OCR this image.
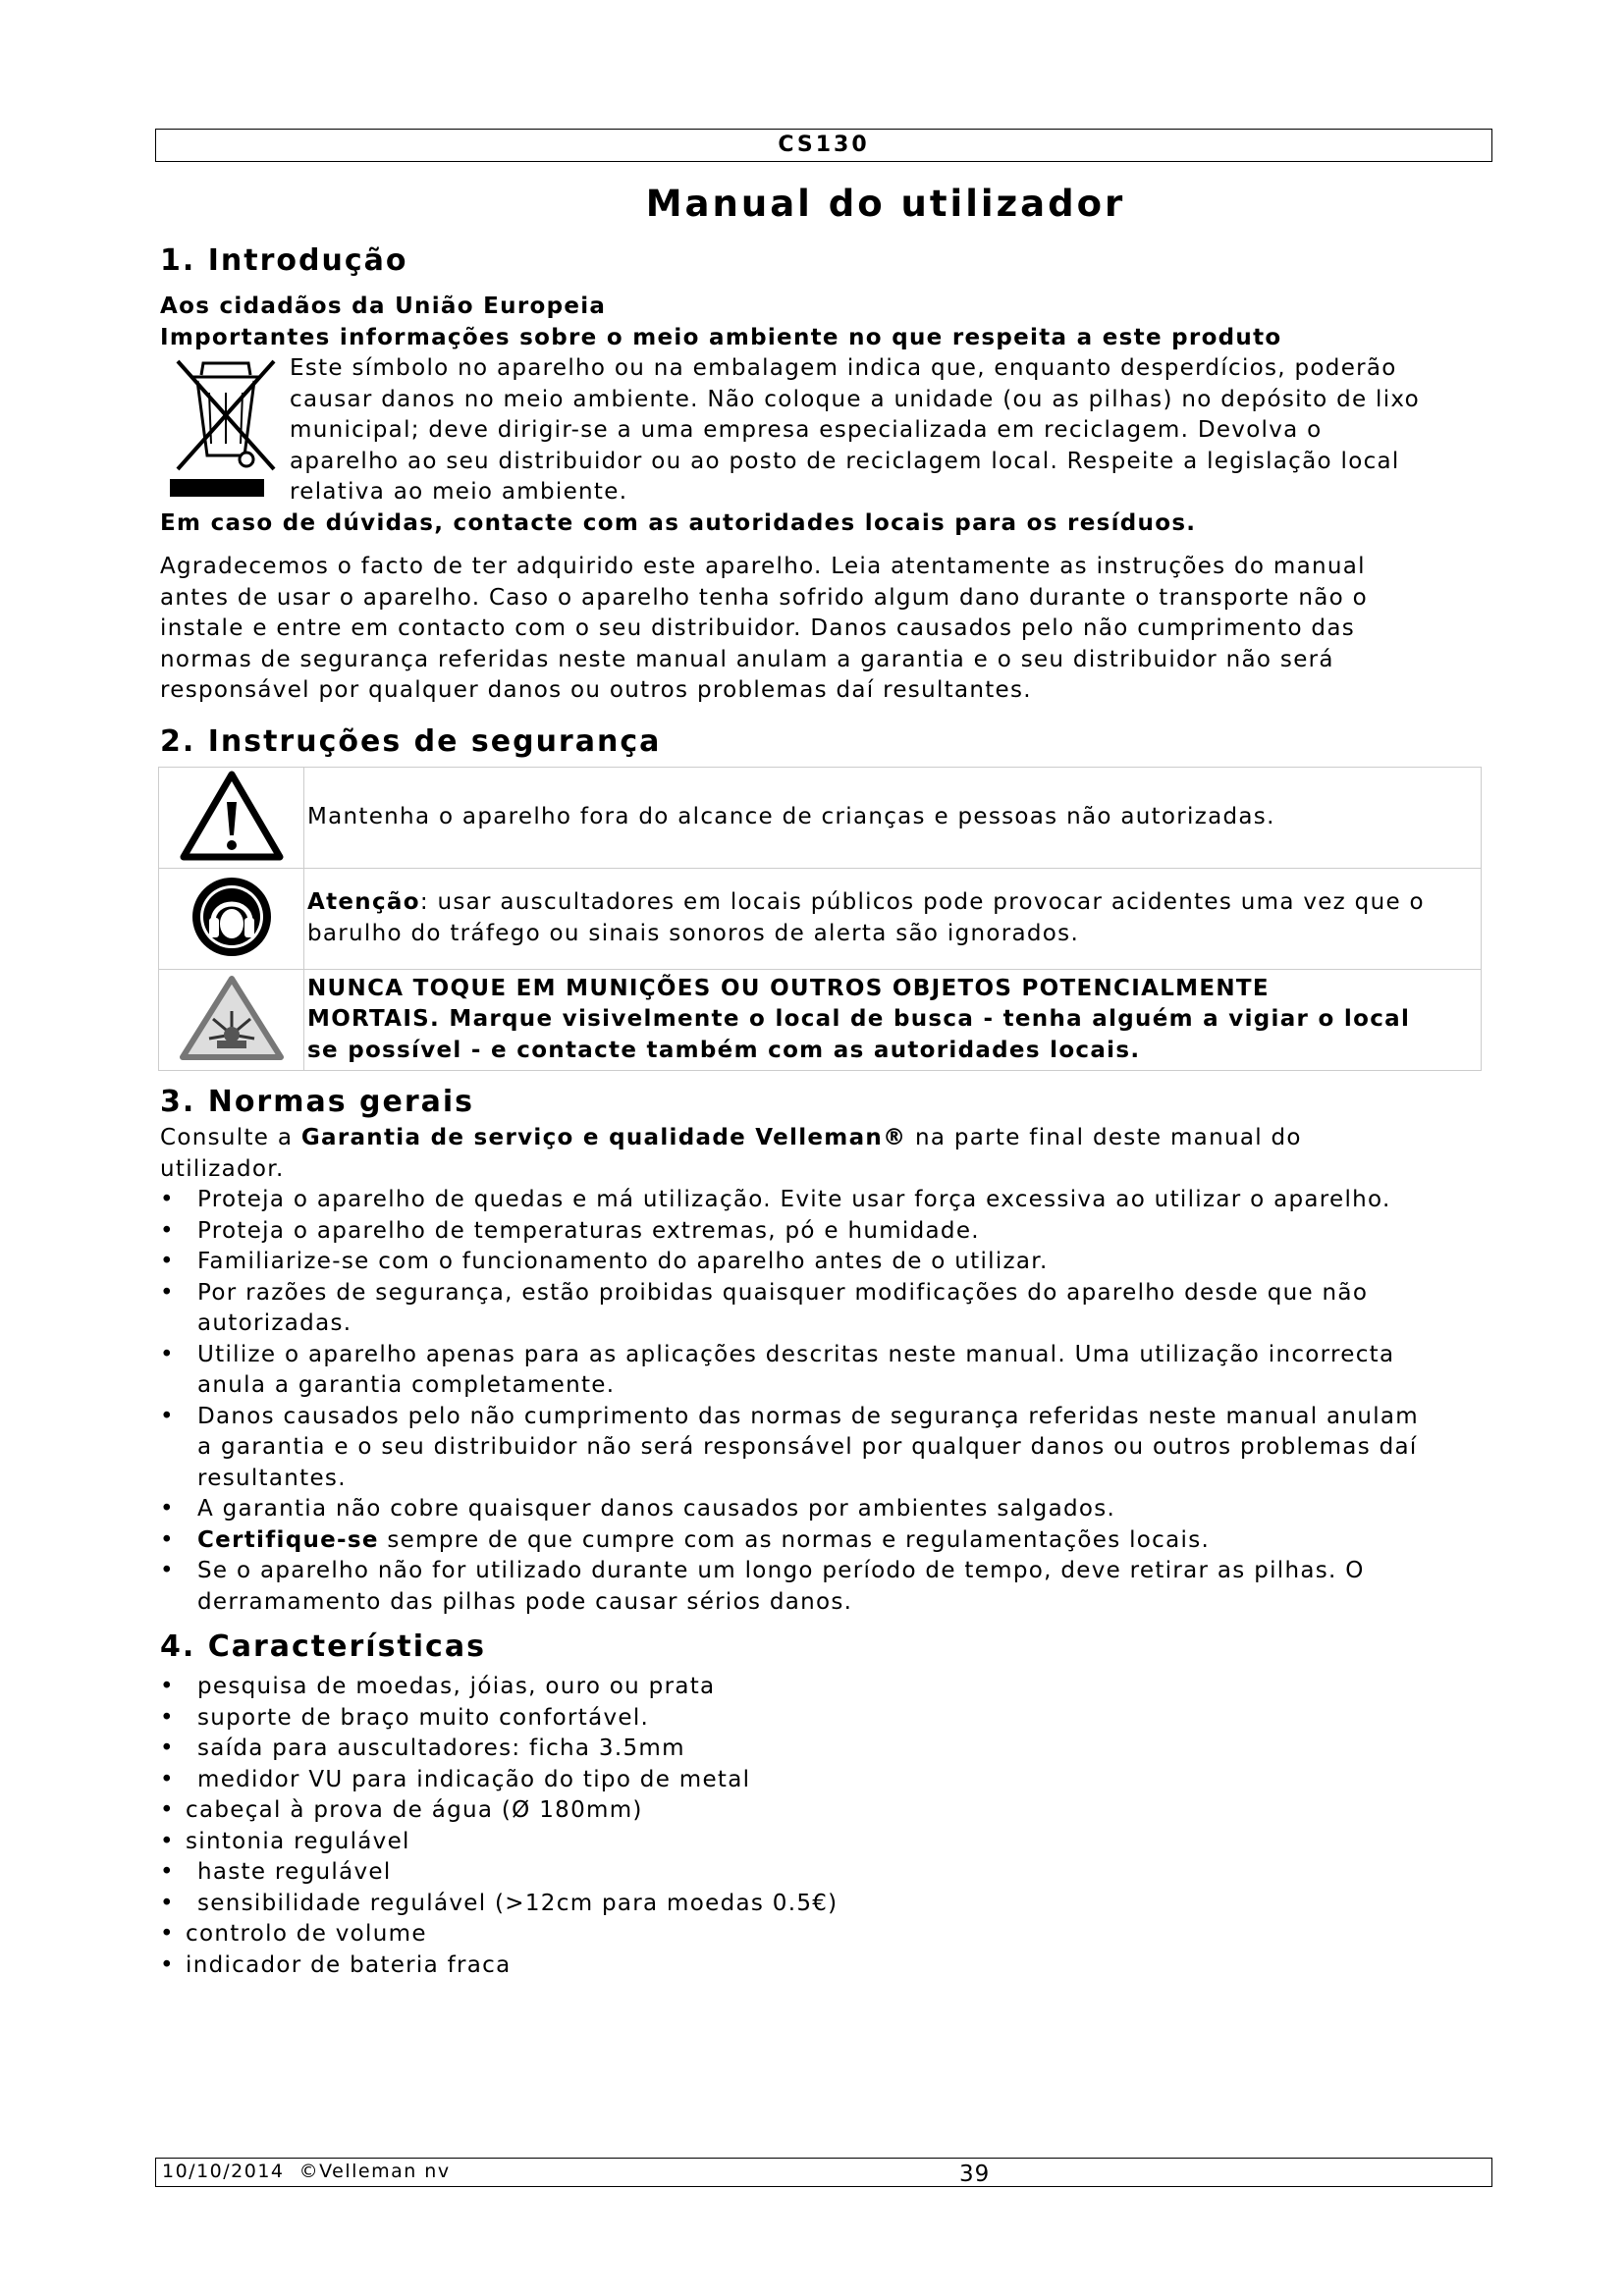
CS130
Manual do utilizador
1. Introdução
Aos cidadãos da União Europeia
Importantes informações sobre o meio ambiente no que respeita a este produto
Este símbolo no aparelho ou na embalagem indica que, enquanto desperdícios, poderão
causar danos no meio ambiente. Não coloque a unidade (ou as pilhas) no depósito de lixo
municipal; deve dirigir-se a uma empresa especializada em reciclagem. Devolva o
aparelho ao seu distribuidor ou ao posto de reciclagem local. Respeite a legislação local
relativa ao meio ambiente.
Em caso de dúvidas, contacte com as autoridades locais para os resíduos.
Agradecemos o facto de ter adquirido este aparelho. Leia atentamente as instruções do manual
antes de usar o aparelho. Caso o aparelho tenha sofrido algum dano durante o transporte não o
instale e entre em contacto com o seu distribuidor. Danos causados pelo não cumprimento das
normas de segurança referidas neste manual anulam a garantia e o seu distribuidor não será
responsável por qualquer danos ou outros problemas daí resultantes.
2. Instruções de segurança
	Mantenha o aparelho fora do alcance de crianças e pessoas não autorizadas.
	Atenção: usar auscultadores em locais públicos pode provocar acidentes uma vez que o
barulho do tráfego ou sinais sonoros de alerta são ignorados.

NUNCA TOQUE EM MUNIÇÕES OU OUTROS OBJETOS POTENCIALMENTE
MORTAIS. Marque visivelmente o local de busca - tenha alguém a vigiar o local
se possível - e contacte também com as autoridades locais.
3. Normas gerais
Consulte a Garantia de serviço e qualidade Velleman® na parte final deste manual do
utilizador.
• Proteja o aparelho de quedas e má utilização. Evite usar força excessiva ao utilizar o aparelho.
• Proteja o aparelho de temperaturas extremas, pó e humidade.
• Familiarize-se com o funcionamento do aparelho antes de o utilizar.
• Por razões de segurança, estão proibidas quaisquer modificações do aparelho desde que não
autorizadas.
• Utilize o aparelho apenas para as aplicações descritas neste manual. Uma utilização incorrecta
anula a garantia completamente.
• Danos causados pelo não cumprimento das normas de segurança referidas neste manual anulam
a garantia e o seu distribuidor não será responsável por qualquer danos ou outros problemas daí
resultantes.
• A garantia não cobre quaisquer danos causados por ambientes salgados.
• Certifique-se sempre de que cumpre com as normas e regulamentações locais.
• Se o aparelho não for utilizado durante um longo período de tempo, deve retirar as pilhas. O
derramamento das pilhas pode causar sérios danos.
4. Características
• pesquisa de moedas, jóias, ouro ou prata
• suporte de braço muito confortável.
• saída para auscultadores: ficha 3.5mm
• medidor VU para indicação do tipo de metal
• cabeçal à prova de água (Ø 180mm)
• sintonia regulável
• haste regulável
• sensibilidade regulável (>12cm para moedas 0.5€)
• controlo de volume
• indicador de bateria fraca
10/10/2014 ©Velleman nv	39
